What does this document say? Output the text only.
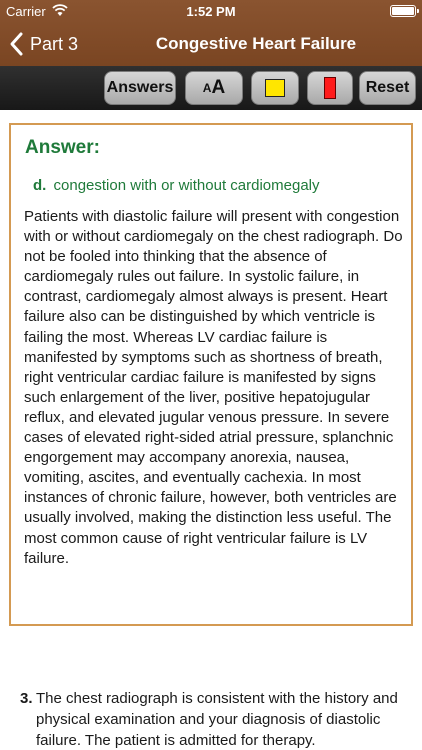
Carrier	1:52 PM
Part 3	Congestive Heart Failure
Answers A A	Reset
Answer:
d. congestion with or without cardiomegaly
Patients with diastolic failure will present with congestion with or without cardiomegaly on the chest radiograph. Do not be fooled into thinking that the absence of cardiomegaly rules out failure. In systolic failure, in contrast, cardiomegaly almost always is present. Heart failure also can be distinguished by which ventricle is failing the most. Whereas LV cardiac failure is manifested by symptoms such as shortness of breath, right ventricular cardiac failure is manifested by signs such enlargement of the liver, positive hepatojugular reflux, and elevated jugular venous pressure. In severe cases of elevated right-sided atrial pressure, splanchnic engorgement may accompany anorexia, nausea, vomiting, ascites, and eventually cachexia. In most instances of chronic failure, however, both ventricles are usually involved, making the distinction less useful. The most common cause of right ventricular failure is LV failure.
3. The chest radiograph is consistent with the history and physical examination and your diagnosis of diastolic failure. The patient is admitted for therapy.
